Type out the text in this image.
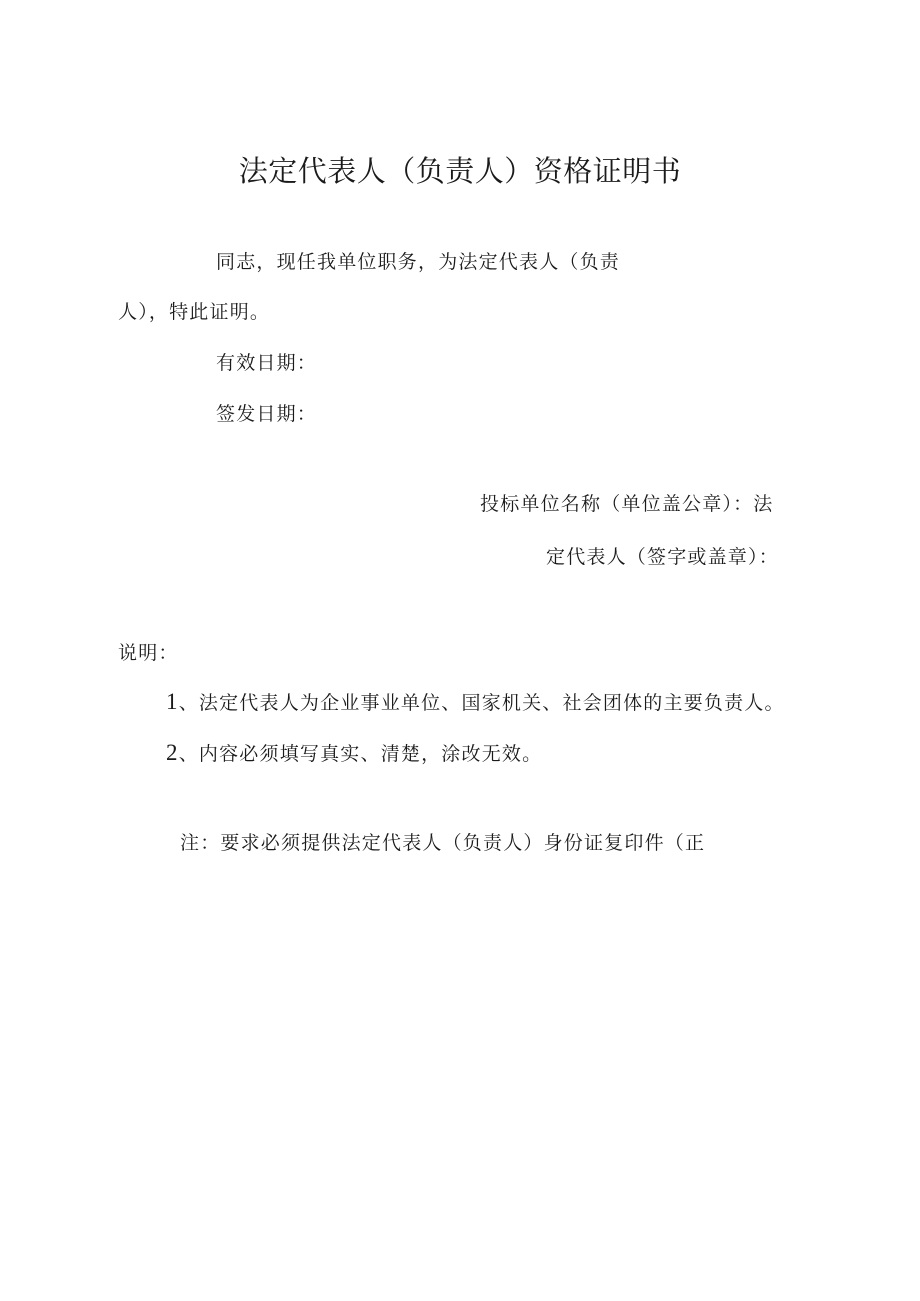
法定代表人（负责人）资格证明书
同志，现任我单位职务，为法定代表人（负责
人），特此证明。
有效日期：
签发日期：
投标单位名称（单位盖公章）：法
定代表人（签字或盖章）：
说明：
1、法定代表人为企业事业单位、国家机关、社会团体的主要负责人。
2、内容必须填写真实、清楚，涂改无效。
注：要求必须提供法定代表人（负责人）身份证复印件（正
